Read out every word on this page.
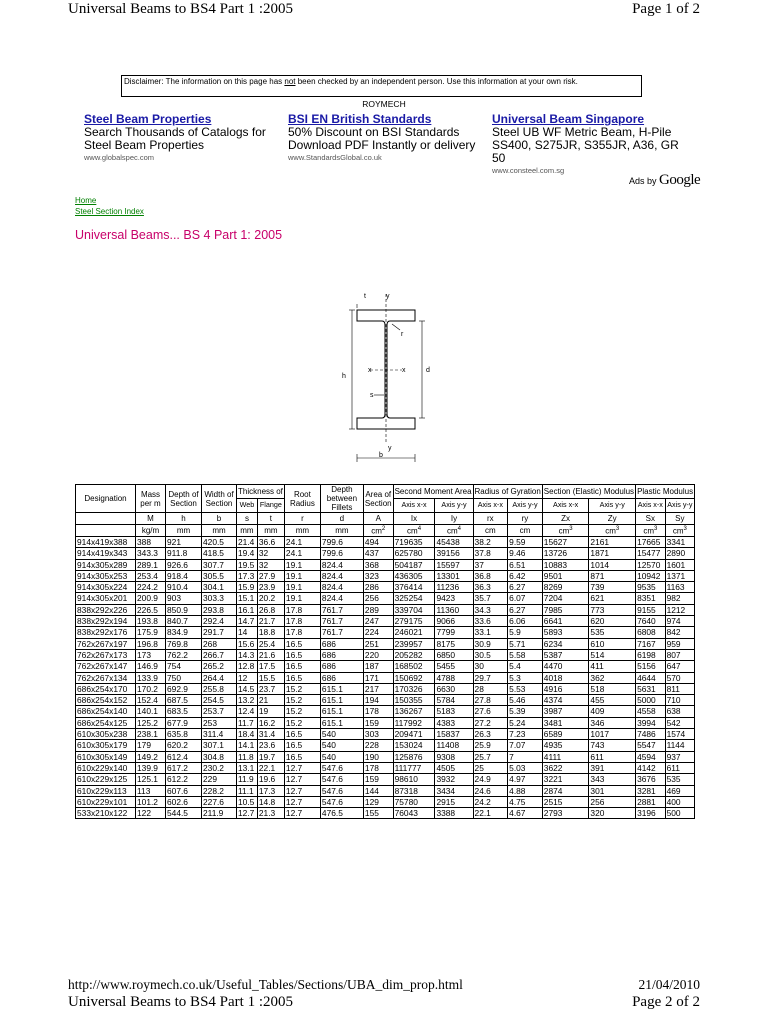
Universal Beams to BS4 Part 1 :2005	Page 1 of 2
Disclaimer: The information on this page has not been checked by an independent person. Use this information at your own risk.
ROYMECH
Steel Beam Properties
Search Thousands of Catalogs for Steel Beam Properties
www.globalspec.com
BSI EN British Standards
50% Discount on BSI Standards Download PDF Instantly or delivery
www.StandardsGlobal.co.uk
Universal Beam Singapore
Steel UB WF Metric Beam, H-Pile SS400, S275JR, S355JR, A36, GR 50
www.consteel.com.sg
Ads by Google
Home
Steel Section Index
Universal Beams... BS 4 Part 1: 2005
t	y
r
h
d
x	x
s
y
b
Designation	Mass per m	Depth of Section	Width of Section	Thickness of		Root Radius	Depth between Fillets	Area of Section	Second Moment Area		Radius of Gyration		Section (Elastic) Modulus		Plastic Modulus	
				Web	Flange				Axis x-x	Axis y-y	Axis x-x	Axis y-y	Axis x-x	Axis y-y	Axis x-x	Axis y-y
	M	h	b	s	t	r	d	A	Ix	Iy	rx	ry	Zx	Zy	Sx	Sy
	kg/m	mm	mm	mm	mm	mm	mm	$cm^2$	$cm^4$	$cm^4$	cm	cm	$cm^3$	$cm^3$	$cm^3$	$cm^3$
914x419x388	388	921	420.5	21.4	36.6	24.1	799.6	494	719635	45438	38.2	9.59	15627	2161	17665	3341
914x419x343	343.3	911.8	418.5	19.4	32	24.1	799.6	437	625780	39156	37.8	9.46	13726	1871	15477	2890
914x305x289	289.1	926.6	307.7	19.5	32	19.1	824.4	368	504187	15597	37	6.51	10883	1014	12570	1601
914x305x253	253.4	918.4	305.5	17.3	27.9	19.1	824.4	323	436305	13301	36.8	6.42	9501	871	10942	1371
914x305x224	224.2	910.4	304.1	15.9	23.9	19.1	824.4	286	376414	11236	36.3	6.27	8269	739	9535	1163
914x305x201	200.9	903	303.3	15.1	20.2	19.1	824.4	256	325254	9423	35.7	6.07	7204	621	8351	982
838x292x226	226.5	850.9	293.8	16.1	26.8	17.8	761.7	289	339704	11360	34.3	6.27	7985	773	9155	1212
838x292x194	193.8	840.7	292.4	14.7	21.7	17.8	761.7	247	279175	9066	33.6	6.06	6641	620	7640	974
838x292x176	175.9	834.9	291.7	14	18.8	17.8	761.7	224	246021	7799	33.1	5.9	5893	535	6808	842
762x267x197	196.8	769.8	268	15.6	25.4	16.5	686	251	239957	8175	30.9	5.71	6234	610	7167	959
762x267x173	173	762.2	266.7	14.3	21.6	16.5	686	220	205282	6850	30.5	5.58	5387	514	6198	807
762x267x147	146.9	754	265.2	12.8	17.5	16.5	686	187	168502	5455	30	5.4	4470	411	5156	647
762x267x134	133.9	750	264.4	12	15.5	16.5	686	171	150692	4788	29.7	5.3	4018	362	4644	570
686x254x170	170.2	692.9	255.8	14.5	23.7	15.2	615.1	217	170326	6630	28	5.53	4916	518	5631	811
686x254x152	152.4	687.5	254.5	13.2	21	15.2	615.1	194	150355	5784	27.8	5.46	4374	455	5000	710
686x254x140	140.1	683.5	253.7	12.4	19	15.2	615.1	178	136267	5183	27.6	5.39	3987	409	4558	638
686x254x125	125.2	677.9	253	11.7	16.2	15.2	615.1	159	117992	4383	27.2	5.24	3481	346	3994	542
610x305x238	238.1	635.8	311.4	18.4	31.4	16.5	540	303	209471	15837	26.3	7.23	6589	1017	7486	1574
610x305x179	179	620.2	307.1	14.1	23.6	16.5	540	228	153024	11408	25.9	7.07	4935	743	5547	1144
610x305x149	149.2	612.4	304.8	11.8	19.7	16.5	540	190	125876	9308	25.7	7	4111	611	4594	937
610x229x140	139.9	617.2	230.2	13.1	22.1	12.7	547.6	178	111777	4505	25	5.03	3622	391	4142	611
610x229x125	125.1	612.2	229	11.9	19.6	12.7	547.6	159	98610	3932	24.9	4.97	3221	343	3676	535
610x229x113	113	607.6	228.2	11.1	17.3	12.7	547.6	144	87318	3434	24.6	4.88	2874	301	3281	469
610x229x101	101.2	602.6	227.6	10.5	14.8	12.7	547.6	129	75780	2915	24.2	4.75	2515	256	2881	400
533x210x122	122	544.5	211.9	12.7	21.3	12.7	476.5	155	76043	3388	22.1	4.67	2793	320	3196	500
http://www.roymech.co.uk/Useful_Tables/Sections/UBA_dim_prop.html	21/04/2010
Universal Beams to BS4 Part 1 :2005	Page 2 of 2
